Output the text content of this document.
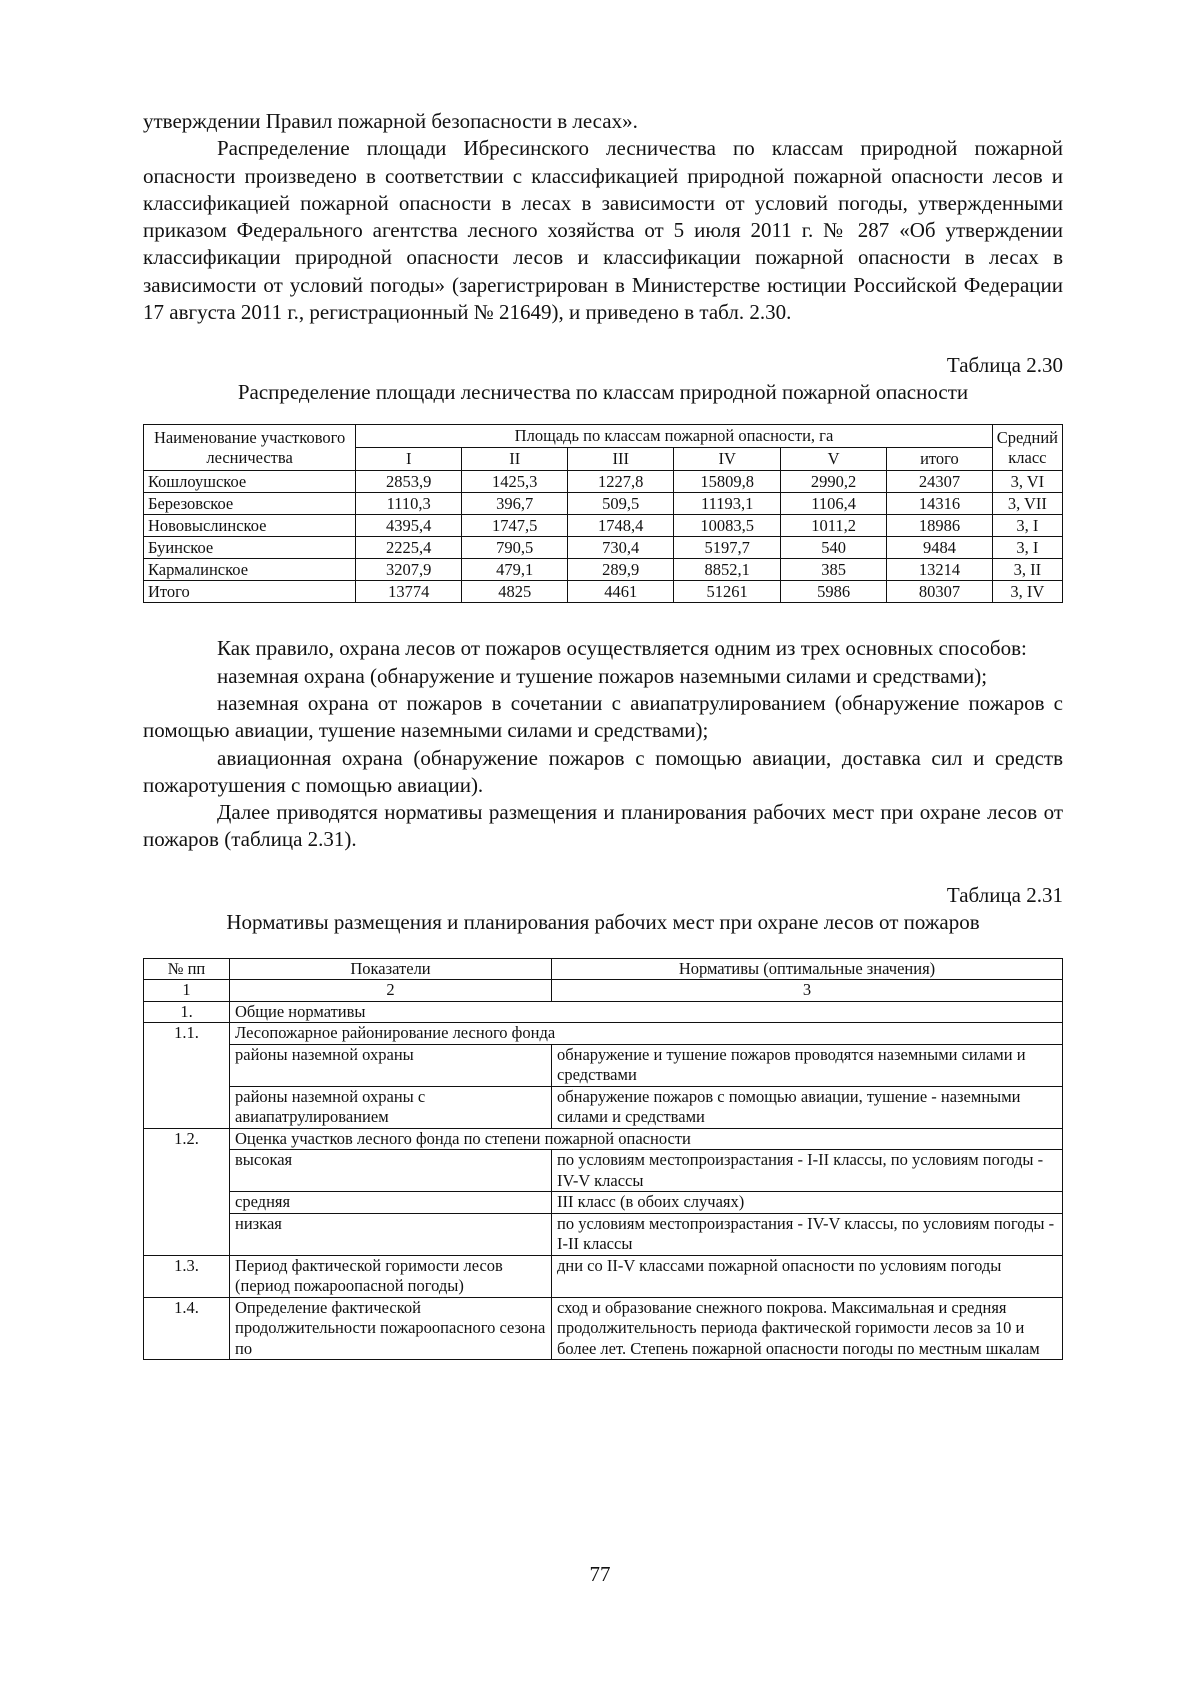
утверждении Правил пожарной безопасности в лесах».

Распределение площади Ибресинского лесничества по классам природной пожарной опасности произведено в соответствии с классификацией природной пожарной опасности лесов и классификацией пожарной опасности в лесах в зависимости от условий погоды, утвержденными приказом Федерального агентства лесного хозяйства от 5 июля 2011 г. № 287 «Об утверждении классификации природной опасности лесов и классификации пожарной опасности в лесах в зависимости от условий погоды» (зарегистрирован в Министерстве юстиции Российской Федерации 17 августа 2011 г., регистрационный № 21649), и приведено в табл. 2.30.

Таблица 2.30
Распределение площади лесничества по классам природной пожарной опасности
Наименование участкового лесничества	Площадь по классам пожарной опасности, га						Средний класс
	I	II	III	IV	V	итого	
Кошлоушское	2853,9	1425,3	1227,8	15809,8	2990,2	24307	3, VI
Березовское	1110,3	396,7	509,5	11193,1	1106,4	14316	3, VII
Нововыслинское	4395,4	1747,5	1748,4	10083,5	1011,2	18986	3, I
Буинское	2225,4	790,5	730,4	5197,7	540	9484	3, I
Кармалинское	3207,9	479,1	289,9	8852,1	385	13214	3, II
Итого	13774	4825	4461	51261	5986	80307	3, IV

Как правило, охрана лесов от пожаров осуществляется одним из трех основных способов:

наземная охрана (обнаружение и тушение пожаров наземными силами и средствами);

наземная охрана от пожаров в сочетании с авиапатрулированием (обнаружение пожаров с помощью авиации, тушение наземными силами и средствами);

авиационная охрана (обнаружение пожаров с помощью авиации, доставка сил и средств пожаротушения с помощью авиации).

Далее приводятся нормативы размещения и планирования рабочих мест при охране лесов от пожаров (таблица 2.31).

Таблица 2.31
Нормативы размещения и планирования рабочих мест при охране лесов от пожаров
№ пп	Показатели	Нормативы (оптимальные значения)
1	2	3
1.	Общие нормативы	
1.1.	Лесопожарное районирование лесного фонда	
	районы наземной охраны	обнаружение и тушение пожаров проводятся наземными силами и средствами
	районы наземной охраны с авиапатрулированием	обнаружение пожаров с помощью авиации, тушение - наземными силами и средствами
1.2.	Оценка участков лесного фонда по степени пожарной опасности	
	высокая	по условиям местопроизрастания - I-II классы, по условиям погоды - IV-V классы
	средняя	III класс (в обоих случаях)
	низкая	по условиям местопроизрастания - IV-V классы, по условиям погоды - I-II классы
1.3.	Период фактической горимости лесов (период пожароопасной погоды)	дни со II-V классами пожарной опасности по условиям погоды
1.4.	Определение фактической продолжительности пожароопасного сезона по	сход и образование снежного покрова. Максимальная и средняя продолжительность периода фактической горимости лесов за 10 и более лет. Степень пожарной опасности погоды по местным шкалам
77
